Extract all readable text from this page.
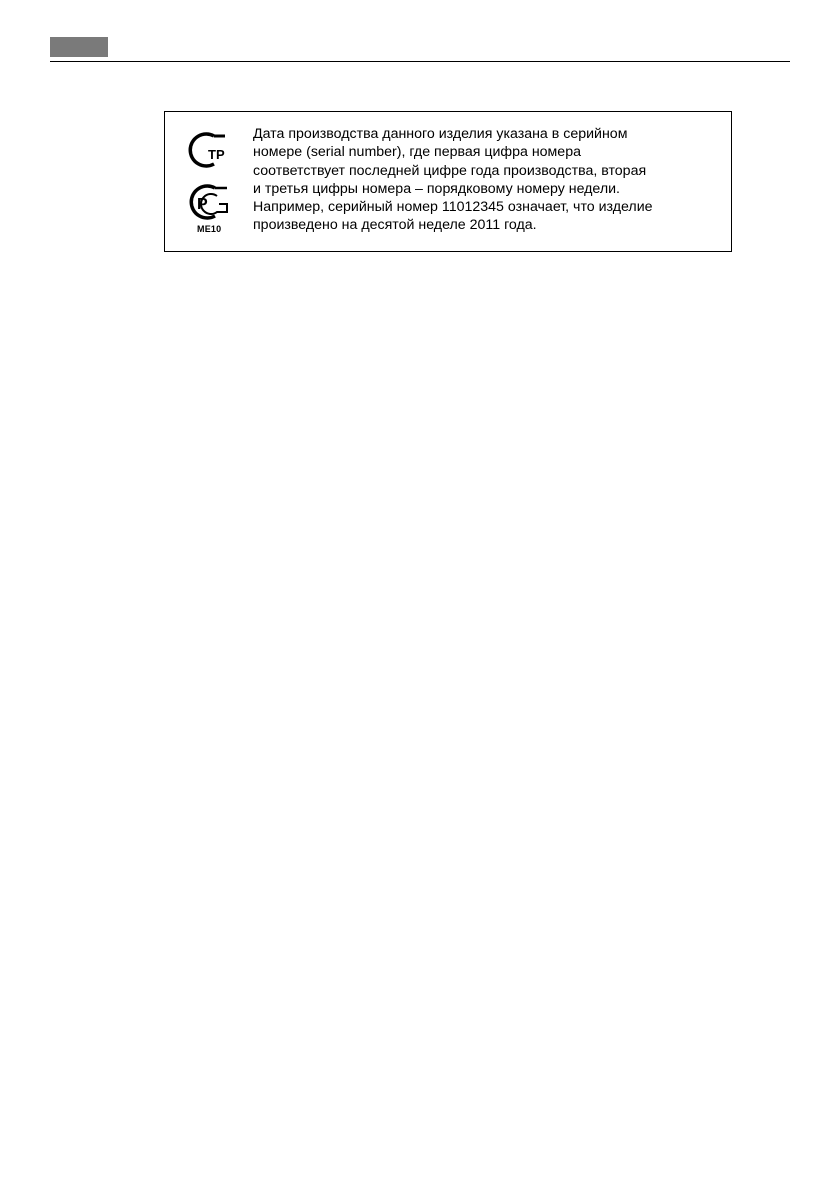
ТР
Р
ME10

Дата производства данного изделия указана в серийном
номере (serial number), где первая цифра номера
соответствует последней цифре года производства, вторая
и третья цифры номера – порядковому номеру недели.
Например, серийный номер 11012345 означает, что изделие
произведено на десятой неделе 2011 года.
